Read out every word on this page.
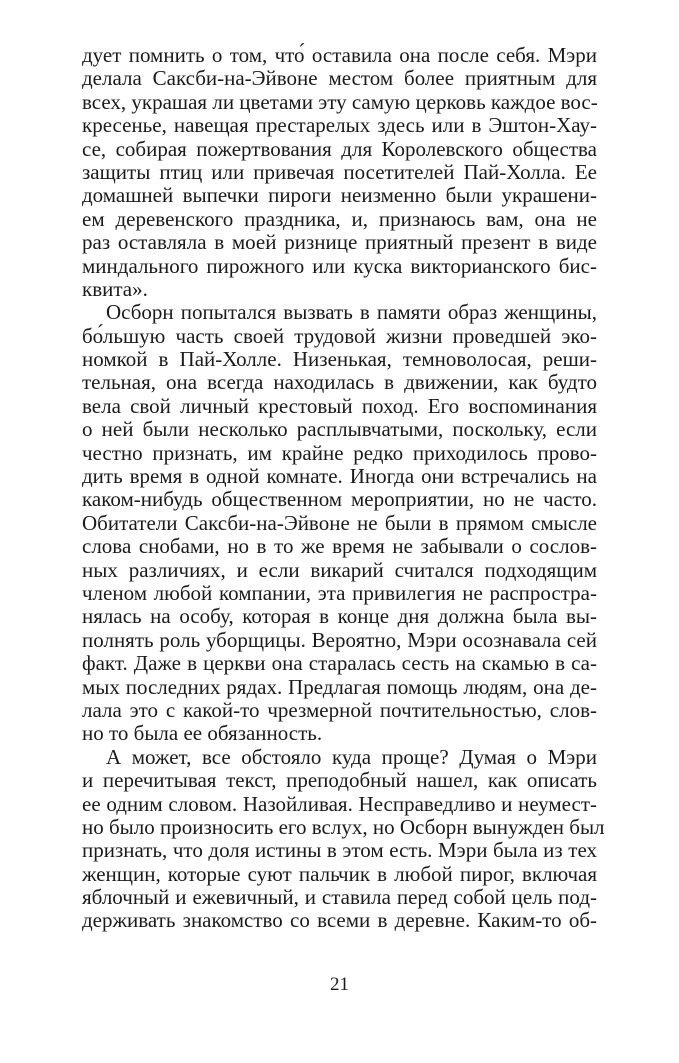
дует помнить о том, что́ оставила она после себя. Мэри
делала Саксби-на-Эйвоне местом более приятным для
всех, украшая ли цветами эту самую церковь каждое вос-
кресенье, навещая престарелых здесь или в Эштон-Хау-
се, собирая пожертвования для Королевского общества
защиты птиц или привечая посетителей Пай-Холла. Ее
домашней выпечки пироги неизменно были украшени-
ем деревенского праздника, и, признаюсь вам, она не
раз оставляла в моей ризнице приятный презент в виде
миндального пирожного или куска викторианского бис-
квита».
Осборн попытался вызвать в памяти образ женщины,
бо́льшую часть своей трудовой жизни проведшей эко-
номкой в Пай-Холле. Низенькая, темноволосая, реши-
тельная, она всегда находилась в движении, как будто
вела свой личный крестовый поход. Его воспоминания
о ней были несколько расплывчатыми, поскольку, если
честно признать, им крайне редко приходилось прово-
дить время в одной комнате. Иногда они встречались на
каком-нибудь общественном мероприятии, но не часто.
Обитатели Саксби-на-Эйвоне не были в прямом смысле
слова снобами, но в то же время не забывали о сослов-
ных различиях, и если викарий считался подходящим
членом любой компании, эта привилегия не распростра-
нялась на особу, которая в конце дня должна была вы-
полнять роль уборщицы. Вероятно, Мэри осознавала сей
факт. Даже в церкви она старалась сесть на скамью в са-
мых последних рядах. Предлагая помощь людям, она де-
лала это с какой-то чрезмерной почтительностью, слов-
но то была ее обязанность.
А может, все обстояло куда проще? Думая о Мэри
и перечитывая текст, преподобный нашел, как описать
ее одним словом. Назойливая. Несправедливо и неумест-
но было произносить его вслух, но Осборн вынужден был
признать, что доля истины в этом есть. Мэри была из тех
женщин, которые суют пальчик в любой пирог, включая
яблочный и ежевичный, и ставила перед собой цель под-
держивать знакомство со всеми в деревне. Каким-то об-
21
